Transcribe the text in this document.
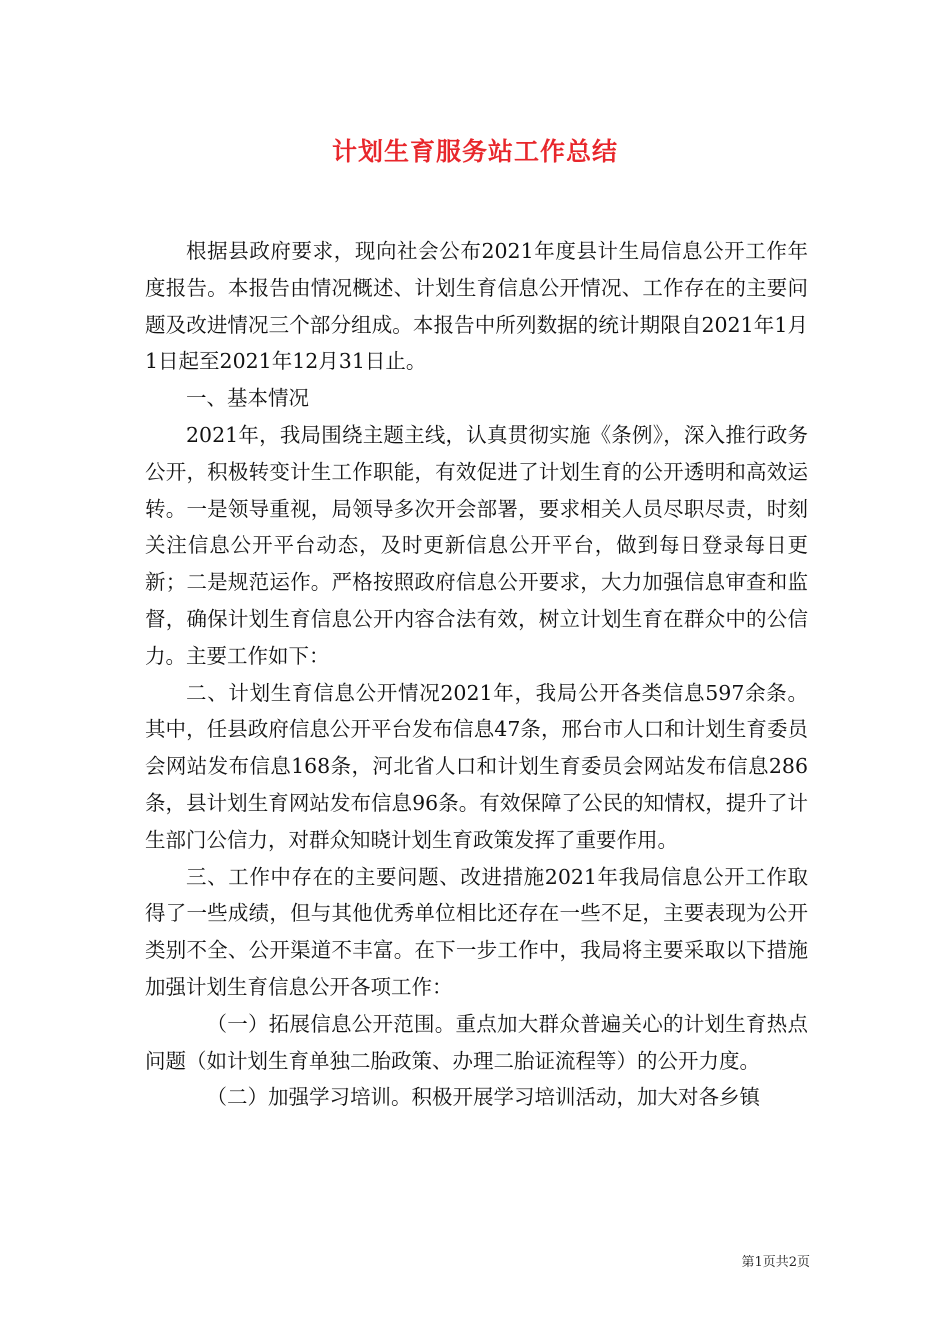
计划生育服务站工作总结

根据县政府要求，现向社会公布2021年度县计生局信息公开工作年度报告。本报告由情况概述、计划生育信息公开情况、工作存在的主要问题及改进情况三个部分组成。本报告中所列数据的统计期限自2021年1月1日起至2021年12月31日止。

一、基本情况

2021年，我局围绕主题主线，认真贯彻实施《条例》，深入推行政务公开，积极转变计生工作职能，有效促进了计划生育的公开透明和高效运转。一是领导重视，局领导多次开会部署，要求相关人员尽职尽责，时刻关注信息公开平台动态，及时更新信息公开平台，做到每日登录每日更新；二是规范运作。严格按照政府信息公开要求，大力加强信息审查和监督，确保计划生育信息公开内容合法有效，树立计划生育在群众中的公信力。主要工作如下：

二、计划生育信息公开情况2021年，我局公开各类信息597余条。其中，任县政府信息公开平台发布信息47条，邢台市人口和计划生育委员会网站发布信息168条，河北省人口和计划生育委员会网站发布信息286条，县计划生育网站发布信息96条。有效保障了公民的知情权，提升了计生部门公信力，对群众知晓计划生育政策发挥了重要作用。

三、工作中存在的主要问题、改进措施2021年我局信息公开工作取得了一些成绩，但与其他优秀单位相比还存在一些不足，主要表现为公开类别不全、公开渠道不丰富。在下一步工作中，我局将主要采取以下措施加强计划生育信息公开各项工作：

（一）拓展信息公开范围。重点加大群众普遍关心的计划生育热点问题（如计划生育单独二胎政策、办理二胎证流程等）的公开力度。

（二）加强学习培训。积极开展学习培训活动，加大对各乡镇

第1页共2页
